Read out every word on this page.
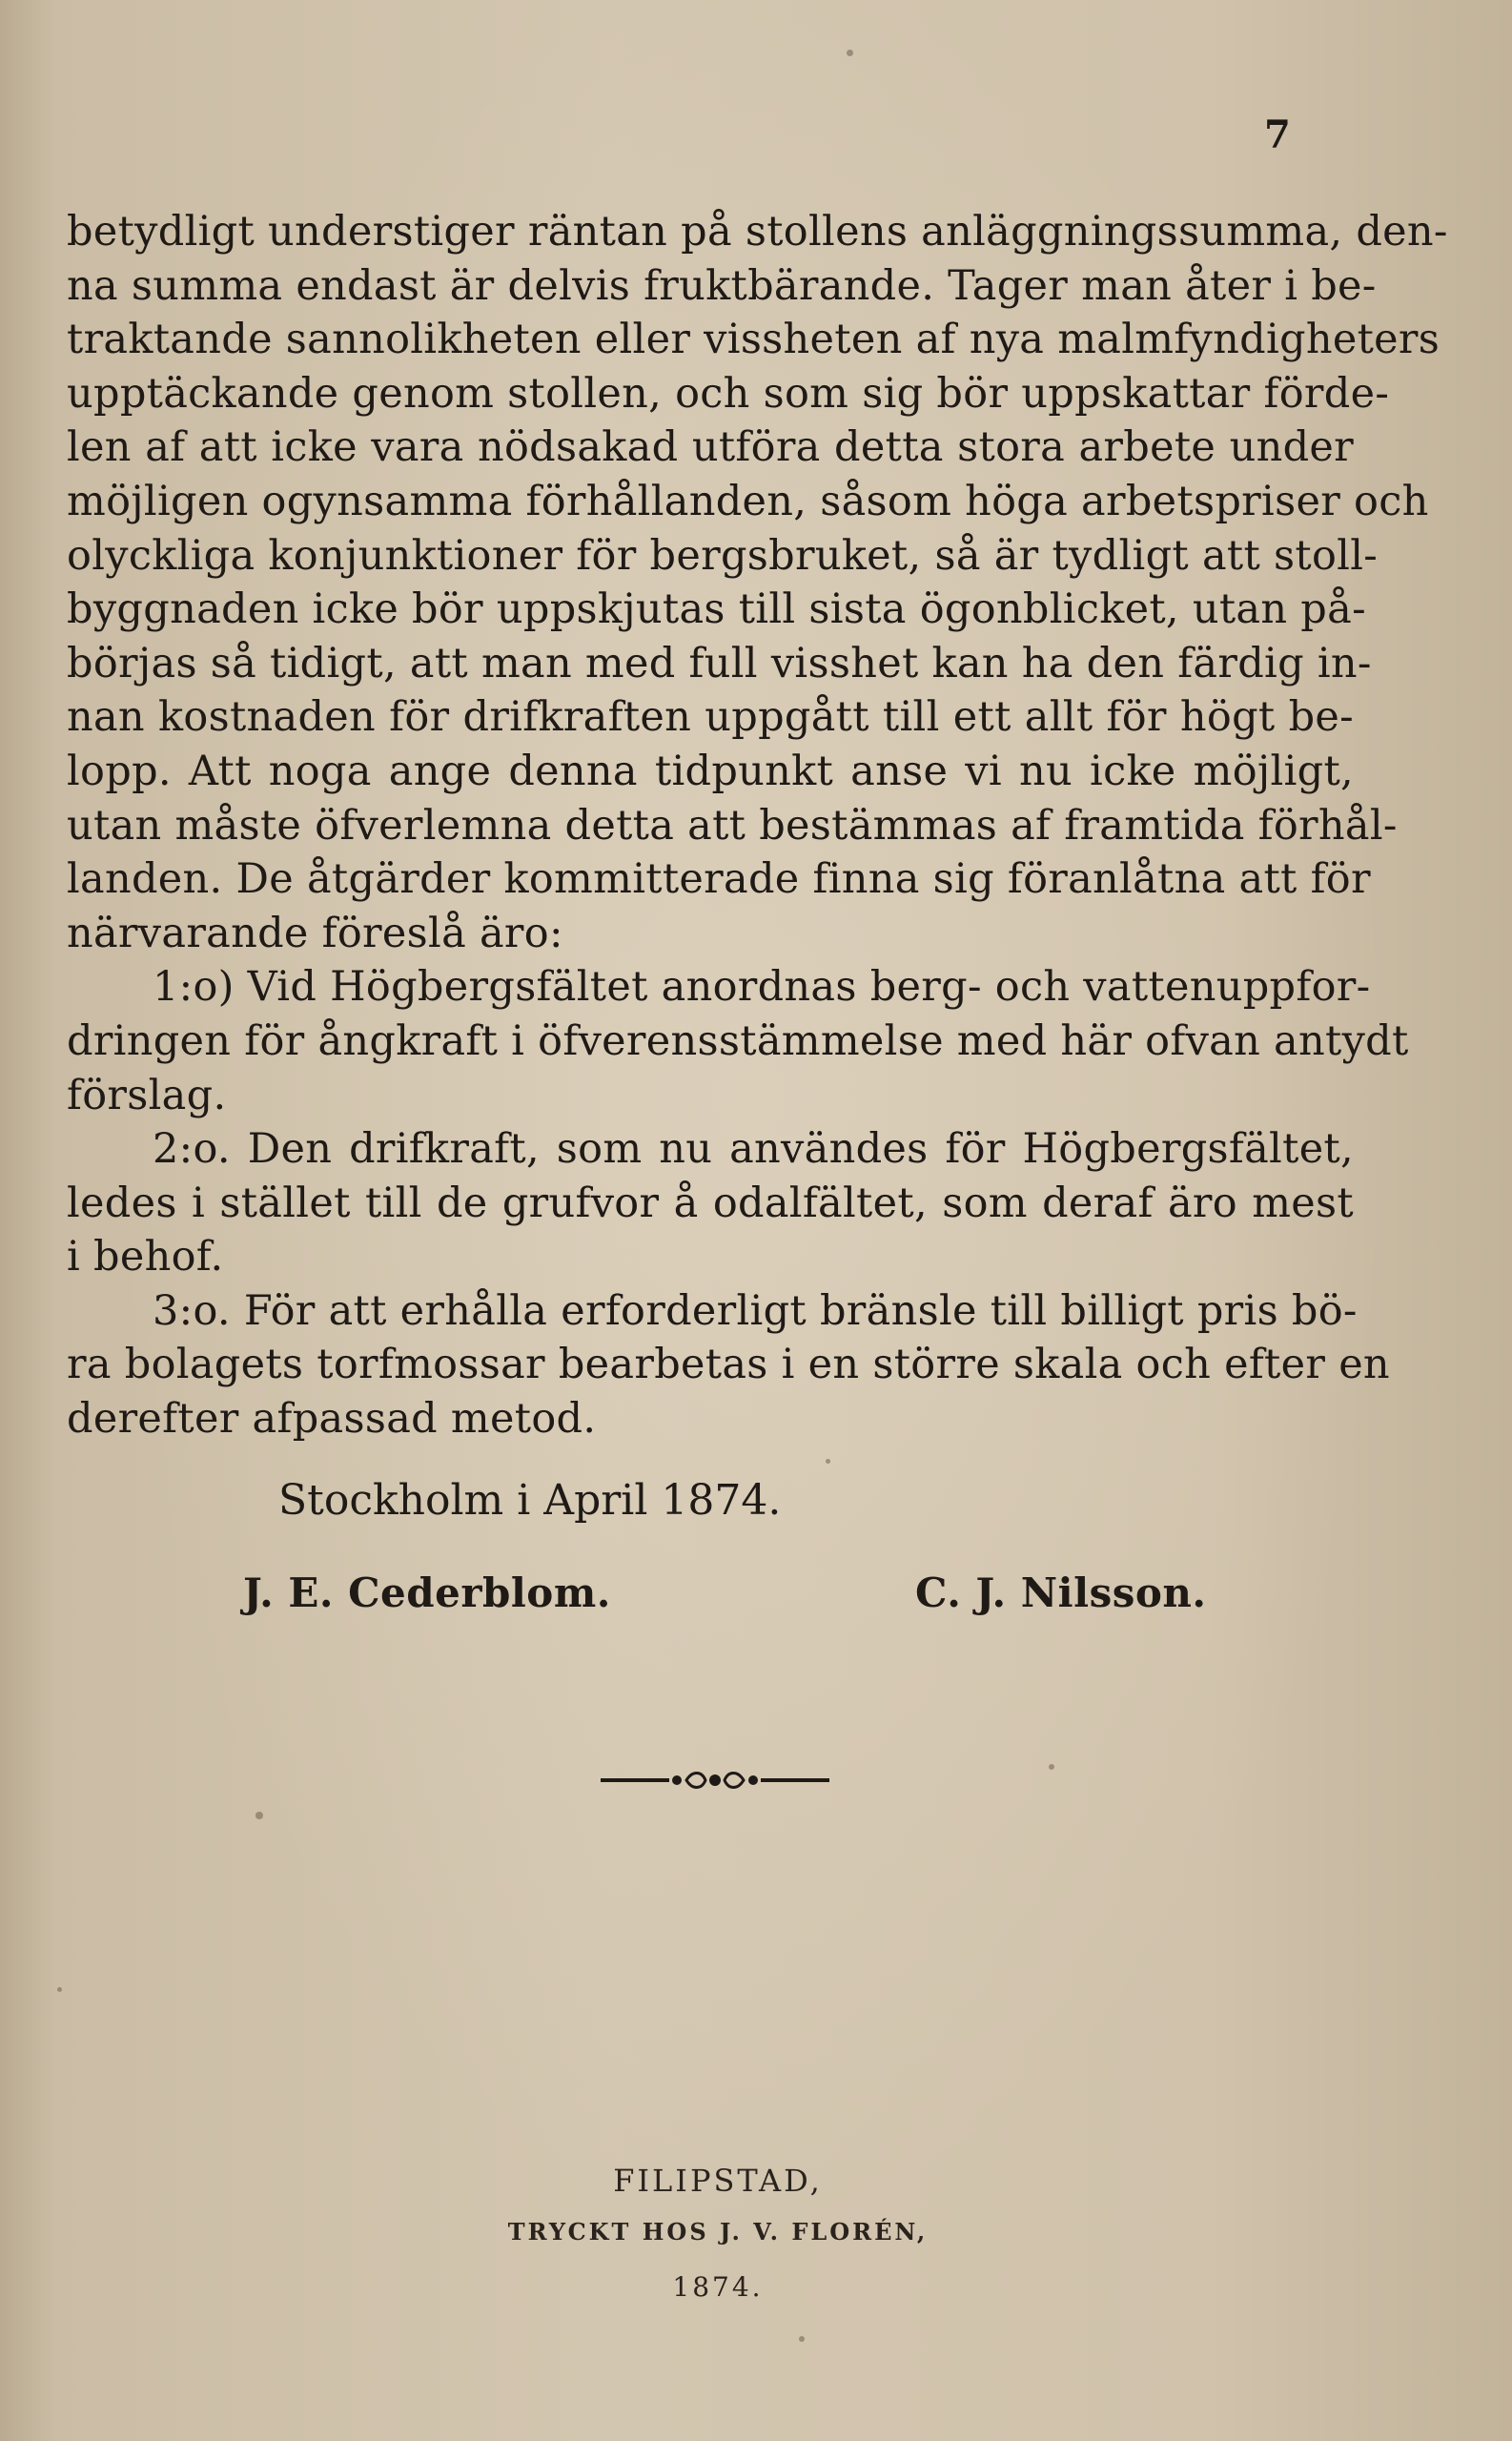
7
betydligt understiger räntan på stollens anläggningssumma, den-
na summa endast är delvis fruktbärande. Tager man åter i be-
traktande sannolikheten eller vissheten af nya malmfyndigheters
upptäckande genom stollen, och som sig bör uppskattar förde-
len af att icke vara nödsakad utföra detta stora arbete under
möjligen ogynsamma förhållanden, såsom höga arbetspriser och
olyckliga konjunktioner för bergsbruket, så är tydligt att stoll-
byggnaden icke bör uppskjutas till sista ögonblicket, utan på-
börjas så tidigt, att man med full visshet kan ha den färdig in-
nan kostnaden för drifkraften uppgått till ett allt för högt be-
lopp. Att noga ange denna tidpunkt anse vi nu icke möjligt,
utan måste öfverlemna detta att bestämmas af framtida förhål-
landen. De åtgärder kommitterade finna sig föranlåtna att för
närvarande föreslå äro:
1:o) Vid Högbergsfältet anordnas berg- och vattenuppfor-
dringen för ångkraft i öfverensstämmelse med här ofvan antydt
förslag.
2:o. Den drifkraft, som nu användes för Högbergsfältet,
ledes i stället till de grufvor å odalfältet, som deraf äro mest
i behof.
3:o. För att erhålla erforderligt bränsle till billigt pris bö-
ra bolagets torfmossar bearbetas i en större skala och efter en
derefter afpassad metod.
Stockholm i April 1874.
J. E. Cederblom.	C. J. Nilsson.
FILIPSTAD,
TRYCKT HOS J. V. FLORÉN,
1874.
